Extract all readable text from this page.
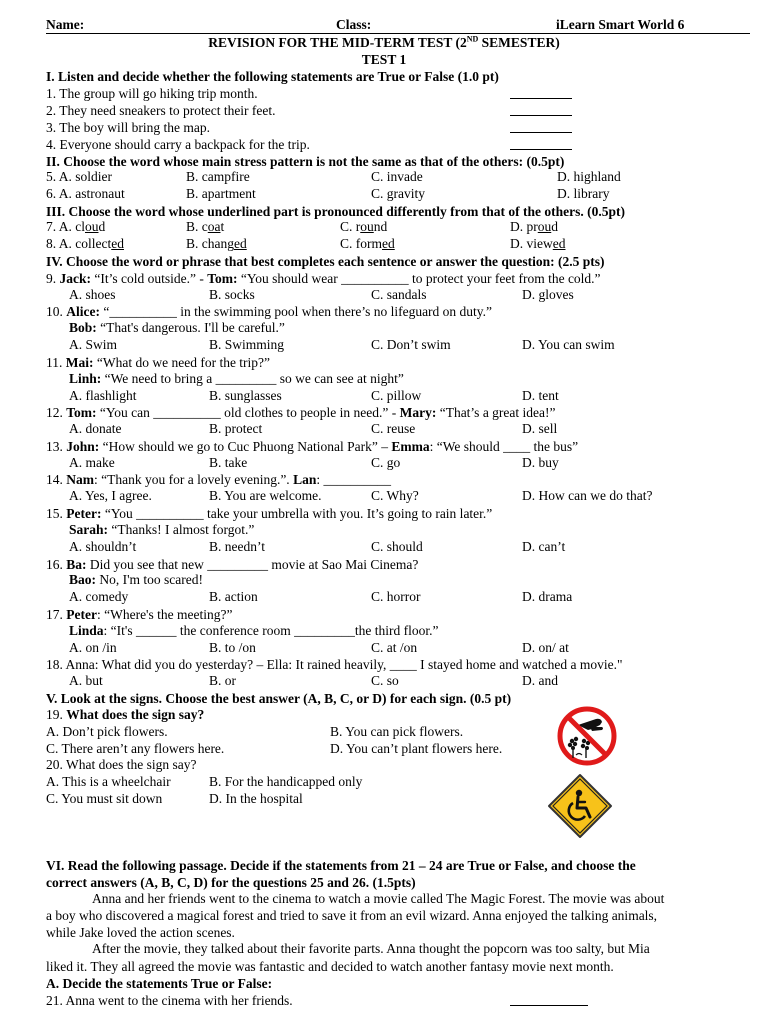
Name:	Class:	iLearn Smart World 6
REVISION FOR THE MID-TERM TEST (2ND SEMESTER)
TEST 1
I. Listen and decide whether the following statements are True or False (1.0 pt)
1. The group will go hiking trip month.
2. They need sneakers to protect their feet.
3. The boy will bring the map.
4. Everyone should carry a backpack for the trip.
II. Choose the word whose main stress pattern is not the same as that of the others: (0.5pt)
5. A. soldier	B. campfire	C. invade	D. highland
6. A. astronaut	B. apartment	C. gravity	D. library
III. Choose the word whose underlined part is pronounced differently from that of the others. (0.5pt)
7. A. cloud	B. coat	C. round	D. proud
8. A. collected	B. changed	C. formed	D. viewed
IV. Choose the word or phrase that best completes each sentence or answer the question: (2.5 pts)
9. Jack: “It’s cold outside.” - Tom: “You should wear __________ to protect your feet from the cold.”
A. shoes	B. socks	C. sandals	D. gloves
10. Alice: “__________ in the swimming pool when there’s no lifeguard on duty.”
Bob: “That's dangerous. I'll be careful.”
A. Swim	B. Swimming	C. Don’t swim	D. You can swim
11. Mai: “What do we need for the trip?”
Linh: “We need to bring a _________ so we can see at night”
A. flashlight	B. sunglasses	C. pillow	D. tent
12. Tom: “You can __________ old clothes to people in need.” - Mary: “That’s a great idea!”
A. donate	B. protect	C. reuse	D. sell
13. John: “How should we go to Cuc Phuong National Park” – Emma: “We should ____ the bus”
A. make	B. take	C. go	D. buy
14. Nam: “Thank you for a lovely evening.”. Lan: __________
A. Yes, I agree.	B. You are welcome.	C. Why?	D. How can we do that?
15. Peter: “You __________ take your umbrella with you. It’s going to rain later.”
Sarah: “Thanks! I almost forgot.”
A. shouldn’t	B. needn’t	C. should	D. can’t
16. Ba: Did you see that new _________ movie at Sao Mai Cinema?
Bao: No, I'm too scared!
A. comedy	B. action	C. horror	D. drama
17. Peter: “Where's the meeting?”
Linda: “It's ______ the conference room _________the third floor.”
A. on /in	B. to /on	C. at /on	D. on/ at
18. Anna: What did you do yesterday? – Ella: It rained heavily, ____ I stayed home and watched a movie."
A. but	B. or	C. so	D. and
V. Look at the signs. Choose the best answer (A, B, C, or D) for each sign. (0.5 pt)
19. What does the sign say?
A. Don’t pick flowers.	B. You can pick flowers.
C. There aren’t any flowers here.	D. You can’t plant flowers here.
20. What does the sign say?
A. This is a wheelchair	B. For the handicapped only
C. You must sit down	D. In the hospital
VI. Read the following passage. Decide if the statements from 21 – 24 are True or False, and choose the
correct answers (A, B, C, D) for the questions 25 and 26. (1.5pts)
Anna and her friends went to the cinema to watch a movie called The Magic Forest. The movie was about
a boy who discovered a magical forest and tried to save it from an evil wizard. Anna enjoyed the talking animals,
while Jake loved the action scenes.
After the movie, they talked about their favorite parts. Anna thought the popcorn was too salty, but Mia
liked it. They all agreed the movie was fantastic and decided to watch another fantasy movie next month.
A. Decide the statements True or False:
21. Anna went to the cinema with her friends.
